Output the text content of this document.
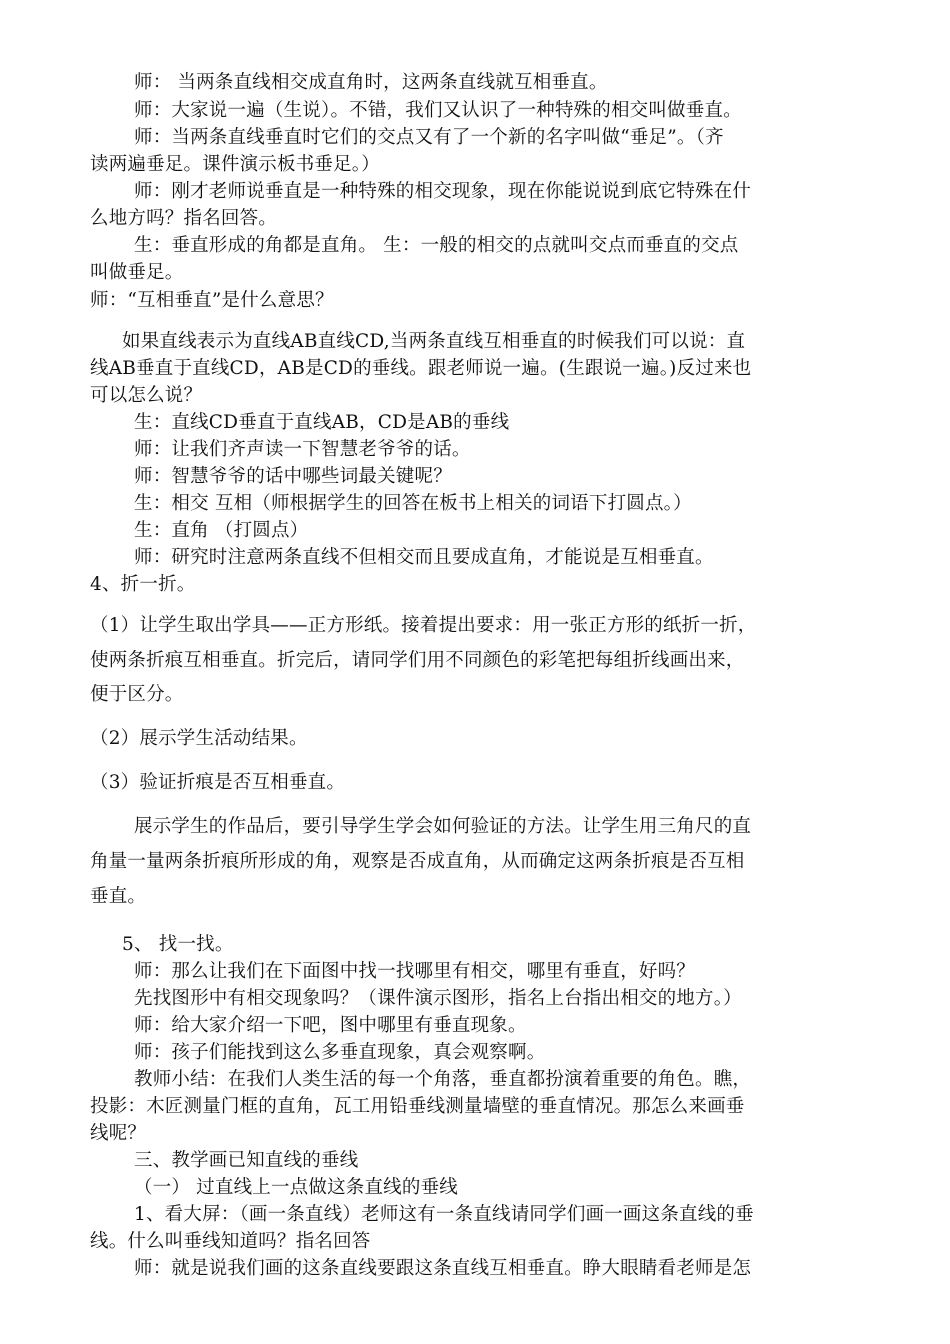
师： 当两条直线相交成直角时，这两条直线就互相垂直。
师：大家说一遍（生说）。不错，我们又认识了一种特殊的相交叫做垂直。
师：当两条直线垂直时它们的交点又有了一个新的名字叫做“垂足”。（齐
读两遍垂足。课件演示板书垂足。）
师：刚才老师说垂直是一种特殊的相交现象，现在你能说说到底它特殊在什
么地方吗？指名回答。
生：垂直形成的角都是直角。 生：一般的相交的点就叫交点而垂直的交点
叫做垂足。
师：“互相垂直”是什么意思？
如果直线表示为直线AB直线CD,当两条直线互相垂直的时候我们可以说：直
线AB垂直于直线CD，AB是CD的垂线。跟老师说一遍。(生跟说一遍。)反过来也
可以怎么说？
生：直线CD垂直于直线AB，CD是AB的垂线
师：让我们齐声读一下智慧老爷爷的话。
师：智慧爷爷的话中哪些词最关键呢？
生：相交 互相（师根据学生的回答在板书上相关的词语下打圆点。）
生：直角 （打圆点）
师：研究时注意两条直线不但相交而且要成直角，才能说是互相垂直。
4、折一折。
（1）让学生取出学具——正方形纸。接着提出要求：用一张正方形的纸折一折，
使两条折痕互相垂直。折完后，请同学们用不同颜色的彩笔把每组折线画出来，
便于区分。
（2）展示学生活动结果。
（3）验证折痕是否互相垂直。
展示学生的作品后，要引导学生学会如何验证的方法。让学生用三角尺的直
角量一量两条折痕所形成的角，观察是否成直角，从而确定这两条折痕是否互相
垂直。
5、 找一找。
师：那么让我们在下面图中找一找哪里有相交，哪里有垂直，好吗？
先找图形中有相交现象吗？（课件演示图形，指名上台指出相交的地方。）
师：给大家介绍一下吧，图中哪里有垂直现象。
师：孩子们能找到这么多垂直现象，真会观察啊。
教师小结：在我们人类生活的每一个角落，垂直都扮演着重要的角色。瞧，
投影：木匠测量门框的直角，瓦工用铅垂线测量墙壁的垂直情况。那怎么来画垂
线呢？
三、教学画已知直线的垂线
（一） 过直线上一点做这条直线的垂线
1、看大屏：（画一条直线）老师这有一条直线请同学们画一画这条直线的垂
线。什么叫垂线知道吗？指名回答
师：就是说我们画的这条直线要跟这条直线互相垂直。睁大眼睛看老师是怎
